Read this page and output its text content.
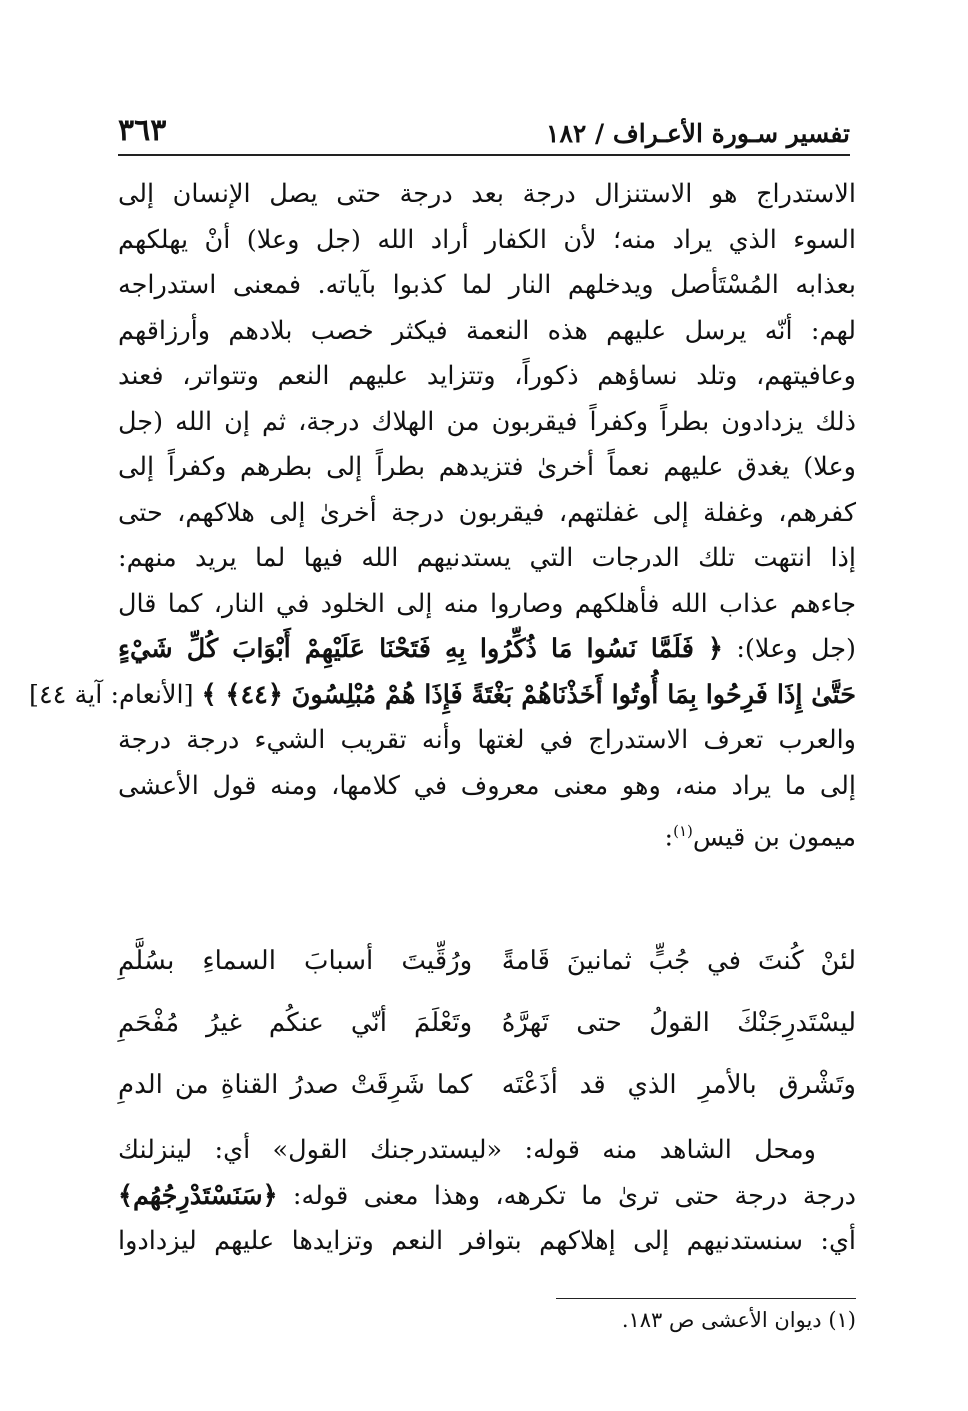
تفسير سـورة الأعـراف / ١٨٢
٣٦٣
الاستدراج هو الاستنزال درجة بعد درجة حتى يصل الإنسان إلى
السوء الذي يراد منه؛ لأن الكفار أراد الله (جل وعلا) أنْ يهلكهم
بعذابه المُسْتَأصل ويدخلهم النار لما كذبوا بآياته. فمعنى استدراجه
لهم: أنّه يرسل عليهم هذه النعمة فيكثر خصب بلادهم وأرزاقهم
وعافيتهم، وتلد نساؤهم ذكوراً، وتتزايد عليهم النعم وتتواتر، فعند
ذلك يزدادون بطراً وكفراً فيقربون من الهلاك درجة، ثم إن الله (جل
وعلا) يغدق عليهم نعماً أخرىٰ فتزيدهم بطراً إلى بطرهم وكفراً إلى
كفرهم، وغفلة إلى غفلتهم، فيقربون درجة أخرىٰ إلى هلاكهم، حتى
إذا انتهت تلك الدرجات التي يستدنيهم الله فيها لما يريد منهم:
جاءهم عذاب الله فأهلكهم وصاروا منه إلى الخلود في النار، كما قال
(جل وعلا): ﴿ فَلَمَّا نَسُوا مَا ذُكِّرُوا بِهِ فَتَحْنَا عَلَيْهِمْ أَبْوَابَ كُلِّ شَيْءٍ
حَتَّىٰ إِذَا فَرِحُوا بِمَا أُوتُوا أَخَذْنَاهُمْ بَغْتَةً فَإِذَا هُمْ مُبْلِسُونَ ﴿٤٤﴾ ﴾ [الأنعام: آية ٤٤]
والعرب تعرف الاستدراج في لغتها وأنه تقريب الشيء درجة درجة
إلى ما يراد منه، وهو معنى معروف في كلامها، ومنه قول الأعشى
ميمون بن قيس$^{(١)}$:
لئنْ كُنتَ في جُبٍّ ثمانينَ قَامةً
ورُقِّيتَ أسبابَ السماءِ بسُلَّمِ
ليسْتَدرِجَنْكَ القولُ حتى تَهرَّهُ
وتَعْلَمَ أنّي عنكُم غيرُ مُفْحَمِ
وتَشْرق بالأمرِ الذي قد أذَعْتَه
كما شَرِقَتْ صدرُ القناةِ من الدمِ
ومحل الشاهد منه قوله: «ليستدرجنك القول» أي: لينزلنك
درجة درجة حتى ترىٰ ما تكرهه، وهذا معنى قوله: ﴿سَنَسْتَدْرِجُهُم﴾
أي: سنستدنيهم إلى إهلاكهم بتوافر النعم وتزايدها عليهم ليزدادوا
(١) ديوان الأعشى ص ١٨٣.
